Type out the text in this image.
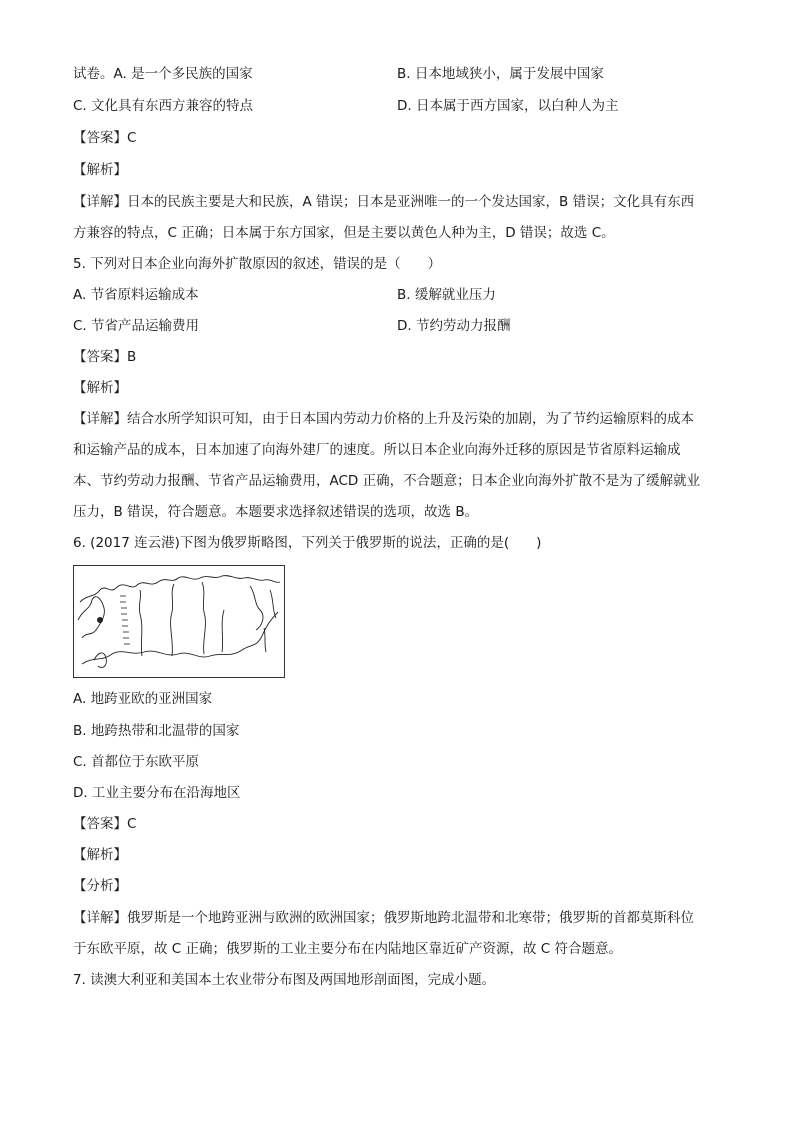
试卷。A. 是一个多民族的国家	B. 日本地域狭小，属于发展中国家
C. 文化具有东西方兼容的特点	D. 日本属于西方国家，以白种人为主
【答案】C
【解析】
【详解】日本的民族主要是大和民族，A 错误；日本是亚洲唯一的一个发达国家，B 错误；文化具有东西
方兼容的特点，C 正确；日本属于东方国家，但是主要以黄色人种为主，D 错误；故选 C。
5. 下列对日本企业向海外扩散原因的叙述，错误的是（　　）
A. 节省原料运输成本	B. 缓解就业压力
C. 节省产品运输费用	D. 节约劳动力报酬
【答案】B
【解析】
【详解】结合水所学知识可知，由于日本国内劳动力价格的上升及污染的加剧，为了节约运输原料的成本
和运输产品的成本，日本加速了向海外建厂的速度。所以日本企业向海外迁移的原因是节省原料运输成
本、节约劳动力报酬、节省产品运输费用，ACD 正确，不合题意；日本企业向海外扩散不是为了缓解就业
压力，B 错误，符合题意。本题要求选择叙述错误的选项，故选 B。
6. (2017 连云港)下图为俄罗斯略图，下列关于俄罗斯的说法，正确的是(　　)
A. 地跨亚欧的亚洲国家
B. 地跨热带和北温带的国家
C. 首都位于东欧平原
D. 工业主要分布在沿海地区
【答案】C
【解析】
【分析】
【详解】俄罗斯是一个地跨亚洲与欧洲的欧洲国家；俄罗斯地跨北温带和北寒带；俄罗斯的首都莫斯科位
于东欧平原，故 C 正确；俄罗斯的工业主要分布在内陆地区靠近矿产资源，故 C 符合题意。
7. 读澳大利亚和美国本土农业带分布图及两国地形剖面图，完成小题。
